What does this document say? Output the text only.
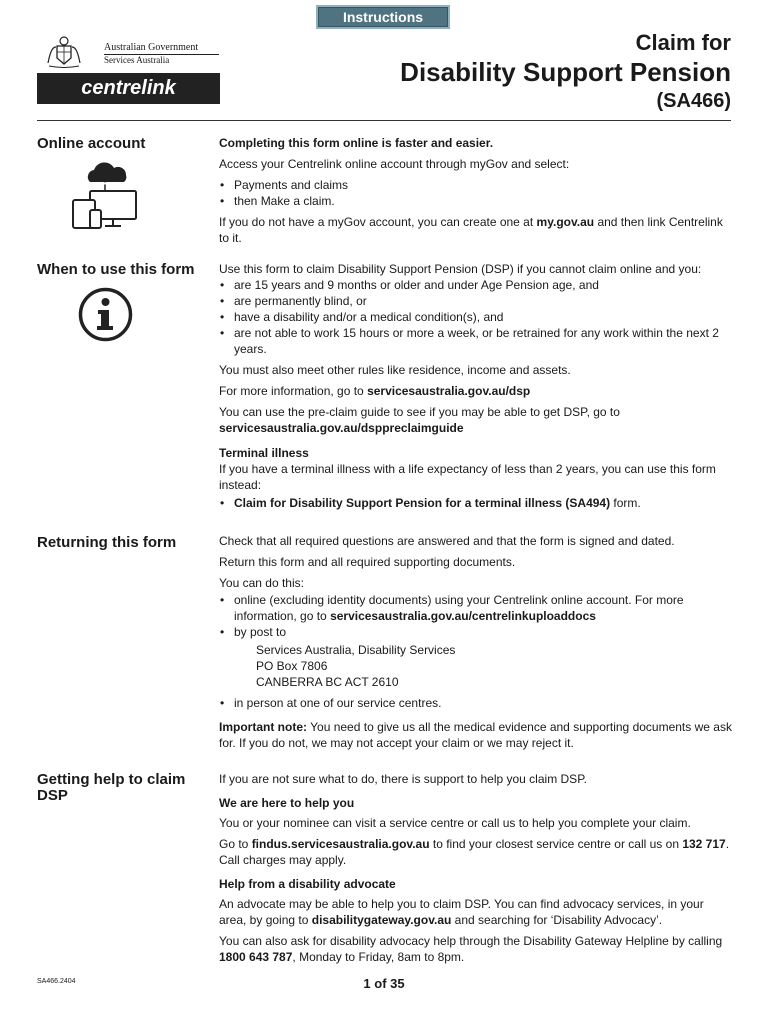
Instructions
Australian Government
Services Australia
centrelink
Claim for
Disability Support Pension
(SA466)
Online account	Completing this form online is faster and easier.

Access your Centrelink online account through myGov and select:

• Payments and claims
• then Make a claim.

If you do not have a myGov account, you can create one at my.gov.au and then link Centrelink to it.

When to use this form	Use this form to claim Disability Support Pension (DSP) if you cannot claim online and you:

• are 15 years and 9 months or older and under Age Pension age, and
• are permanently blind, or
• have a disability and/or a medical condition(s), and
• are not able to work 15 hours or more a week, or be retrained for any work within the next 2 years.

You must also meet other rules like residence, income and assets.

For more information, go to servicesaustralia.gov.au/dsp

You can use the pre-claim guide to see if you may be able to get DSP, go to
servicesaustralia.gov.au/dsppreclaimguide

Terminal illness

If you have a terminal illness with a life expectancy of less than 2 years, you can use this form instead:

• Claim for Disability Support Pension for a terminal illness (SA494) form.
Returning this form	Check that all required questions are answered and that the form is signed and dated.

Return this form and all required supporting documents.

You can do this:

• online (excluding identity documents) using your Centrelink online account. For more information, go to servicesaustralia.gov.au/centrelinkuploaddocs
• by post to
Services Australia, Disability Services
PO Box 7806
CANBERRA BC ACT 2610
• in person at one of our service centres.

Important note: You need to give us all the medical evidence and supporting documents we ask for. If you do not, we may not accept your claim or we may reject it.

Getting help to claim DSP

If you are not sure what to do, there is support to help you claim DSP.

We are here to help you

You or your nominee can visit a service centre or call us to help you complete your claim.

Go to findus.servicesaustralia.gov.au to find your closest service centre or call us on 132 717. Call charges may apply.

Help from a disability advocate

An advocate may be able to help you to claim DSP. You can find advocacy services, in your area, by going to disabilitygateway.gov.au and searching for ‘Disability Advocacy’.

You can also ask for disability advocacy help through the Disability Gateway Helpline by calling 1800 643 787, Monday to Friday, 8am to 8pm.

SA466.2404	1 of 35
